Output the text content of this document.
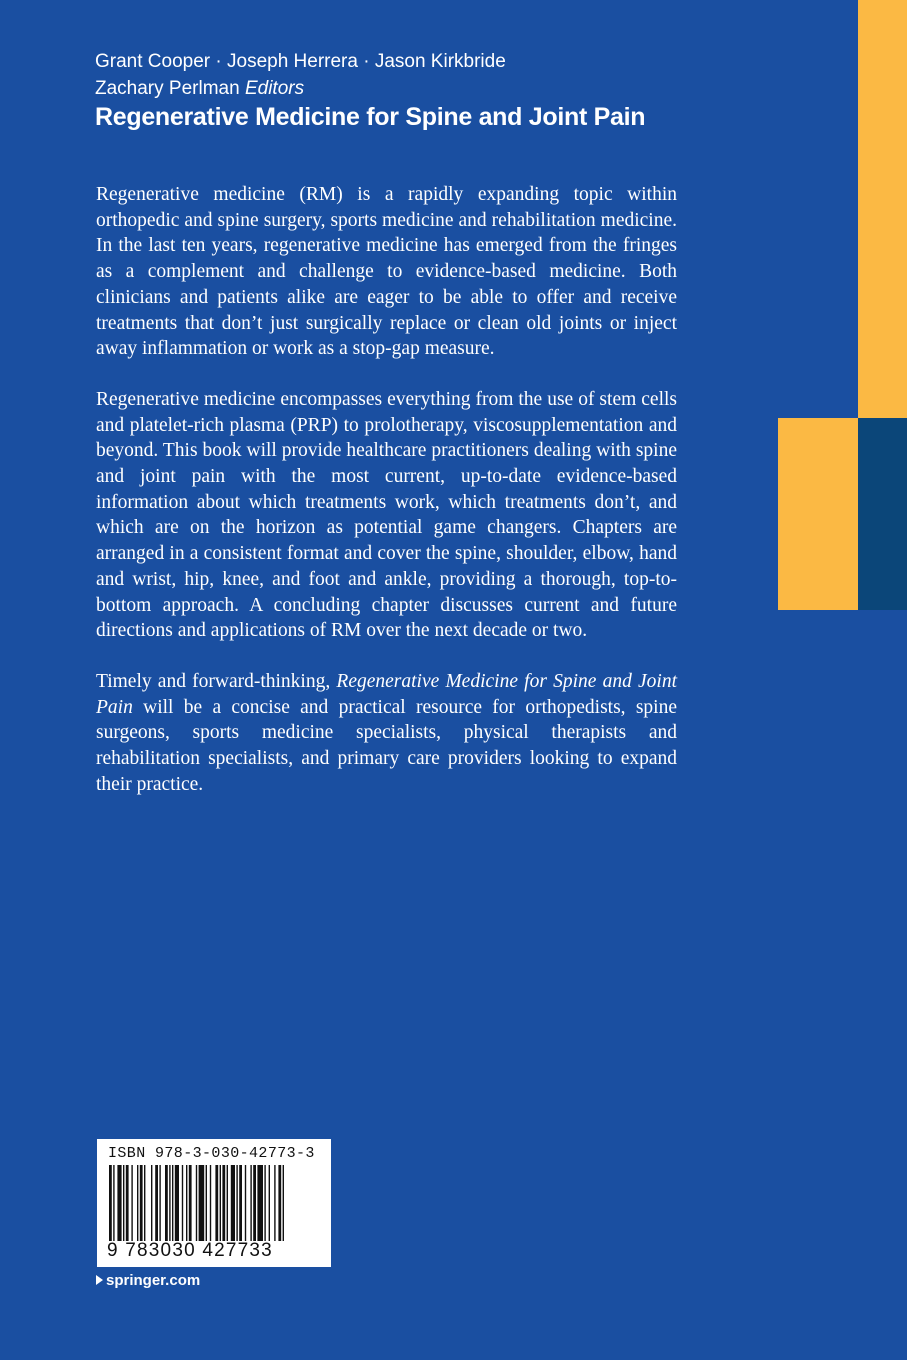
Grant Cooper · Joseph Herrera · Jason Kirkbride
Zachary Perlman Editors
Regenerative Medicine for Spine and Joint Pain

Regenerative medicine (RM) is a rapidly expanding topic within orthopedic and spine surgery, sports medicine and rehabilitation medicine. In the last ten years, regenerative medicine has emerged from the fringes as a complement and challenge to evidence-based medicine. Both clinicians and patients alike are eager to be able to offer and receive treatments that don’t just surgically replace or clean old joints or inject away inflammation or work as a stop-gap measure.

Regenerative medicine encompasses everything from the use of stem cells and platelet-rich plasma (PRP) to prolotherapy, viscosupplementation and beyond. This book will provide healthcare practitioners dealing with spine and joint pain with the most current, up-to-date evidence-based information about which treatments work, which treatments don’t, and which are on the horizon as potential game changers. Chapters are arranged in a consistent format and cover the spine, shoulder, elbow, hand and wrist, hip, knee, and foot and ankle, providing a thorough, top-to-bottom approach. A concluding chapter discusses current and future directions and applications of RM over the next decade or two.

Timely and forward-thinking, Regenerative Medicine for Spine and Joint Pain will be a concise and practical resource for orthopedists, spine surgeons, sports medicine specialists, physical therapists and rehabilitation specialists, and primary care providers looking to expand their practice.

ISBN 978-3-030-42773-3
9 783030 427733
springer.com
